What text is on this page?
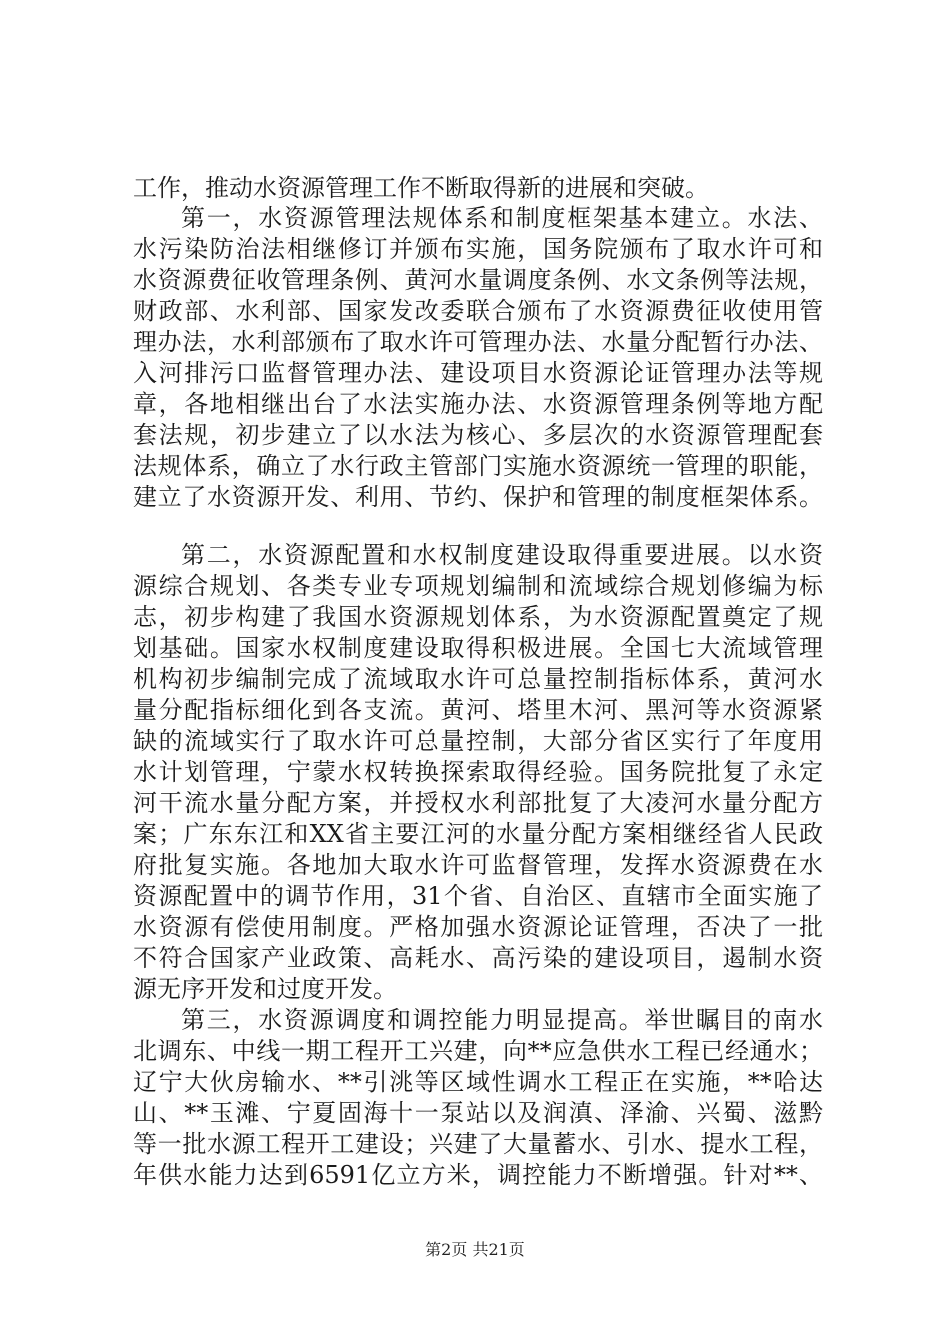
工作，推动水资源管理工作不断取得新的进展和突破。
第一，水资源管理法规体系和制度框架基本建立。水法、
水污染防治法相继修订并颁布实施，国务院颁布了取水许可和
水资源费征收管理条例、黄河水量调度条例、水文条例等法规，
财政部、水利部、国家发改委联合颁布了水资源费征收使用管
理办法，水利部颁布了取水许可管理办法、水量分配暂行办法、
入河排污口监督管理办法、建设项目水资源论证管理办法等规
章，各地相继出台了水法实施办法、水资源管理条例等地方配
套法规，初步建立了以水法为核心、多层次的水资源管理配套
法规体系，确立了水行政主管部门实施水资源统一管理的职能，
建立了水资源开发、利用、节约、保护和管理的制度框架体系。
第二，水资源配置和水权制度建设取得重要进展。以水资
源综合规划、各类专业专项规划编制和流域综合规划修编为标
志，初步构建了我国水资源规划体系，为水资源配置奠定了规
划基础。国家水权制度建设取得积极进展。全国七大流域管理
机构初步编制完成了流域取水许可总量控制指标体系，黄河水
量分配指标细化到各支流。黄河、塔里木河、黑河等水资源紧
缺的流域实行了取水许可总量控制，大部分省区实行了年度用
水计划管理，宁蒙水权转换探索取得经验。国务院批复了永定
河干流水量分配方案，并授权水利部批复了大凌河水量分配方
案；广东东江和XX省主要江河的水量分配方案相继经省人民政
府批复实施。各地加大取水许可监督管理，发挥水资源费在水
资源配置中的调节作用，31个省、自治区、直辖市全面实施了
水资源有偿使用制度。严格加强水资源论证管理，否决了一批
不符合国家产业政策、高耗水、高污染的建设项目，遏制水资
源无序开发和过度开发。
第三，水资源调度和调控能力明显提高。举世瞩目的南水
北调东、中线一期工程开工兴建，向**应急供水工程已经通水；
辽宁大伙房输水、**引洮等区域性调水工程正在实施，**哈达
山、**玉滩、宁夏固海十一泵站以及润滇、泽渝、兴蜀、滋黔
等一批水源工程开工建设；兴建了大量蓄水、引水、提水工程，
年供水能力达到6591亿立方米，调控能力不断增强。针对**、
第2页 共21页
